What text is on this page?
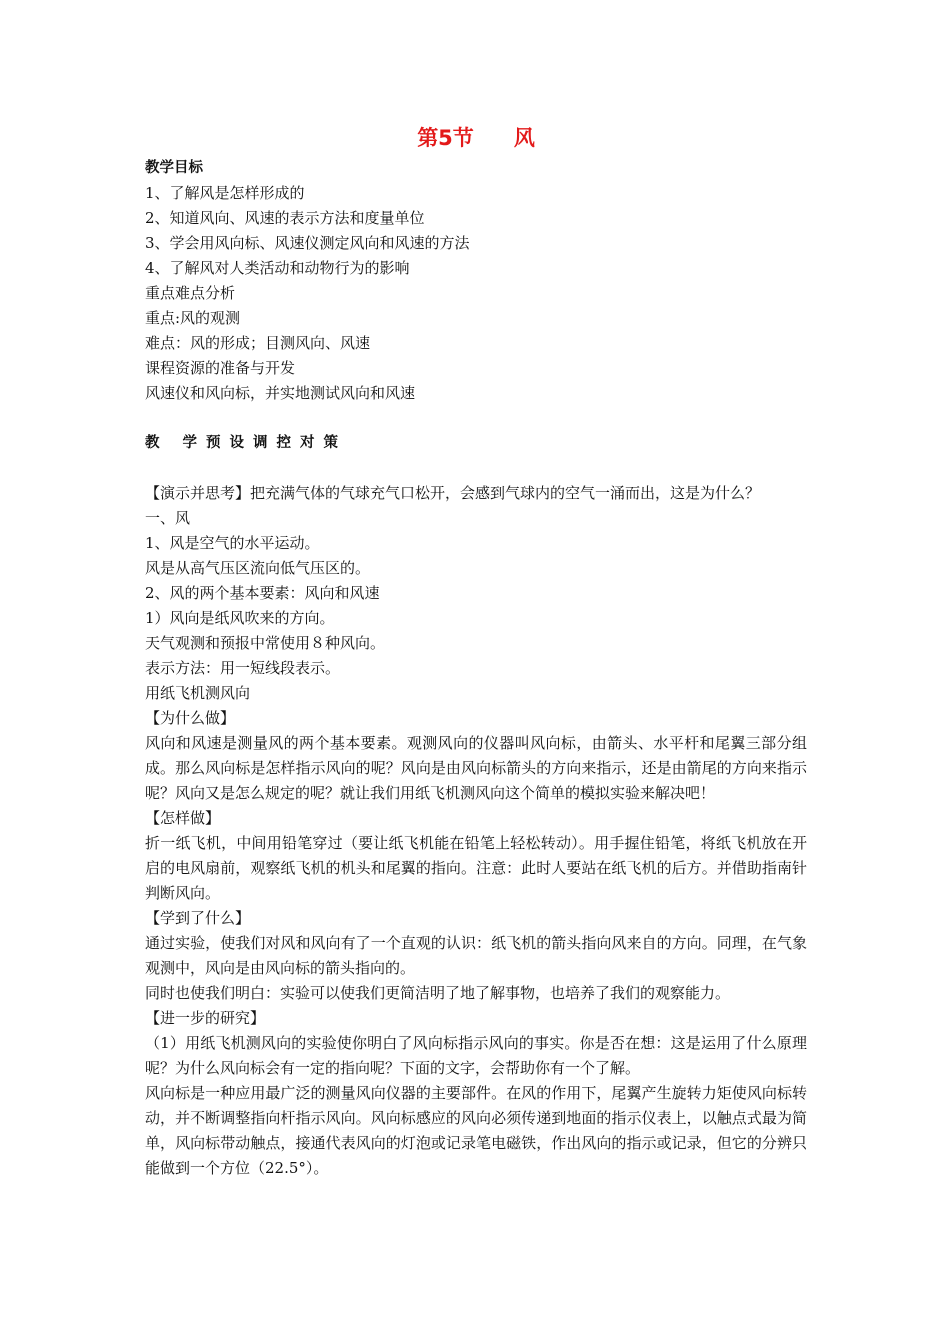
第5节 风

教学目标

1、了解风是怎样形成的

2、知道风向、风速的表示方法和度量单位

3、学会用风向标、风速仪测定风向和风速的方法

4、了解风对人类活动和动物行为的影响

重点难点分析

重点:风的观测

难点：风的形成；目测风向、风速

课程资源的准备与开发

风速仪和风向标，并实地测试风向和风速

教 学预设调控对策

【演示并思考】把充满气体的气球充气口松开，会感到气球内的空气一涌而出，这是为什么？

一、风

1、风是空气的水平运动。

风是从高气压区流向低气压区的。

2、风的两个基本要素：风向和风速

1）风向是纸风吹来的方向。

天气观测和预报中常使用８种风向。

表示方法：用一短线段表示。

用纸飞机测风向

【为什么做】

风向和风速是测量风的两个基本要素。观测风向的仪器叫风向标，由箭头、水平杆和尾翼三部分组成。那么风向标是怎样指示风向的呢？风向是由风向标箭头的方向来指示，还是由箭尾的方向来指示呢？风向又是怎么规定的呢？就让我们用纸飞机测风向这个简单的模拟实验来解决吧！

【怎样做】

折一纸飞机，中间用铅笔穿过（要让纸飞机能在铅笔上轻松转动）。用手握住铅笔，将纸飞机放在开启的电风扇前，观察纸飞机的机头和尾翼的指向。注意：此时人要站在纸飞机的后方。并借助指南针判断风向。

【学到了什么】

通过实验，使我们对风和风向有了一个直观的认识：纸飞机的箭头指向风来自的方向。同理，在气象观测中，风向是由风向标的箭头指向的。

同时也使我们明白：实验可以使我们更简洁明了地了解事物，也培养了我们的观察能力。

【进一步的研究】

（1）用纸飞机测风向的实验使你明白了风向标指示风向的事实。你是否在想：这是运用了什么原理呢？为什么风向标会有一定的指向呢？下面的文字，会帮助你有一个了解。

风向标是一种应用最广泛的测量风向仪器的主要部件。在风的作用下，尾翼产生旋转力矩使风向标转动，并不断调整指向杆指示风向。风向标感应的风向必须传递到地面的指示仪表上，以触点式最为简单，风向标带动触点，接通代表风向的灯泡或记录笔电磁铁，作出风向的指示或记录，但它的分辨只能做到一个方位（22.5°）。
